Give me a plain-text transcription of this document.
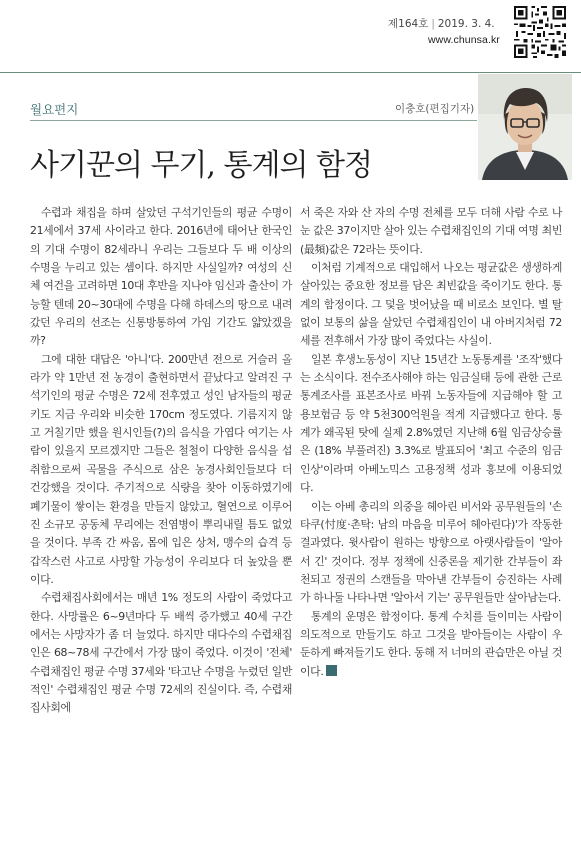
제164호 | 2019. 3. 4.
www.chunsa.kr
월요편지	이충호(편집기자)
사기꾼의 무기, 통계의 함정

수렵과 채집을 하며 살았던 구석기인들의 평균 수명이 21세에서 37세 사이라고 한다. 2016년에 태어난 한국인의 기대 수명이 82세라니 우리는 그들보다 두 배 이상의 수명을 누리고 있는 셈이다. 하지만 사실일까? 여성의 신체 여건을 고려하면 10대 후반을 지나야 임신과 출산이 가능할 텐데 20~30대에 수명을 다해 하데스의 땅으로 내려갔던 우리의 선조는 신통방통하여 가임 기간도 얇았겠을까?

그에 대한 대답은 '아니'다. 200만년 전으로 거슬러 올라가 약 1만년 전 농경이 출현하면서 끝났다고 알려진 구석기인의 평균 수명은 72세 전후였고 성인 남자들의 평균 키도 지금 우리와 비슷한 170cm 정도였다. 기름지지 않고 거칠기만 했을 원시인들(?)의 음식을 가엽다 여기는 사람이 있을지 모르겠지만 그들은 철철이 다양한 음식을 섭취함으로써 곡물을 주식으로 삼은 농경사회인들보다 더 건강했을 것이다. 주기적으로 식량을 찾아 이동하였기에 폐기물이 쌓이는 환경을 만들지 않았고, 혈연으로 이루어진 소규모 공동체 무리에는 전염병이 뿌리내릴 틈도 없었을 것이다. 부족 간 싸움, 몸에 입은 상처, 맹수의 습격 등 갑작스런 사고로 사망할 가능성이 우리보다 더 높았을 뿐이다.

수렵채집사회에서는 매년 1% 정도의 사람이 죽었다고 한다. 사망률은 6~9년마다 두 배씩 증가했고 40세 구간에서는 사망자가 좀 더 늘었다. 하지만 대다수의 수렵채집인은 68~78세 구간에서 가장 많이 죽었다. 이것이 '전체' 수렵채집인 평균 수명 37세와 '타고난 수명을 누렸던 일반적인' 수렵채집인 평균 수명 72세의 진실이다. 즉, 수렵채집사회에

서 죽은 자와 산 자의 수명 전체를 모두 더해 사람 수로 나눈 값은 37이지만 살아 있는 수렵채집인의 기대 여명 최빈(最頻)값은 72라는 뜻이다.

이처럼 기계적으로 대입해서 나오는 평균값은 생생하게 살아있는 중요한 정보를 담은 최빈값을 죽이기도 한다. 통계의 함정이다. 그 덫을 벗어났을 때 비로소 보인다. 별 탈 없이 보통의 삶을 살았던 수렵채집인이 내 아버지처럼 72세를 전후해서 가장 많이 죽었다는 사실이.

일본 후생노동성이 지난 15년간 노동통계를 '조작'했다는 소식이다. 전수조사해야 하는 임금실태 등에 관한 근로 통계조사를 표본조사로 바꿔 노동자들에 지급해야 할 고용보험금 등 약 5천300억원을 적게 지급했다고 한다. 통계가 왜곡된 탓에 실제 2.8%였던 지난해 6월 임금상승률은 (18% 부풀려진) 3.3%로 발표되어 '최고 수준의 임금 인상'이라며 아베노믹스 고용정책 성과 홍보에 이용되었다.

이는 아베 총리의 의중을 헤아린 비서와 공무원들의 '손타쿠(忖度·촌탁: 남의 마음을 미루어 헤아린다)'가 작동한 결과였다. 윗사람이 원하는 방향으로 아랫사람들이 '알아서 긴' 것이다. 정부 정책에 신중론을 제기한 간부들이 좌천되고 정권의 스캔들을 막아낸 간부들이 승진하는 사례가 하나둘 나타나면 '알아서 기는' 공무원들만 살아남는다.

통계의 운명은 함정이다. 통계 수치를 들이미는 사람이 의도적으로 만들기도 하고 그것을 받아들이는 사람이 우둔하게 빠져들기도 한다. 동해 저 너머의 관습만은 아닐 것이다.
